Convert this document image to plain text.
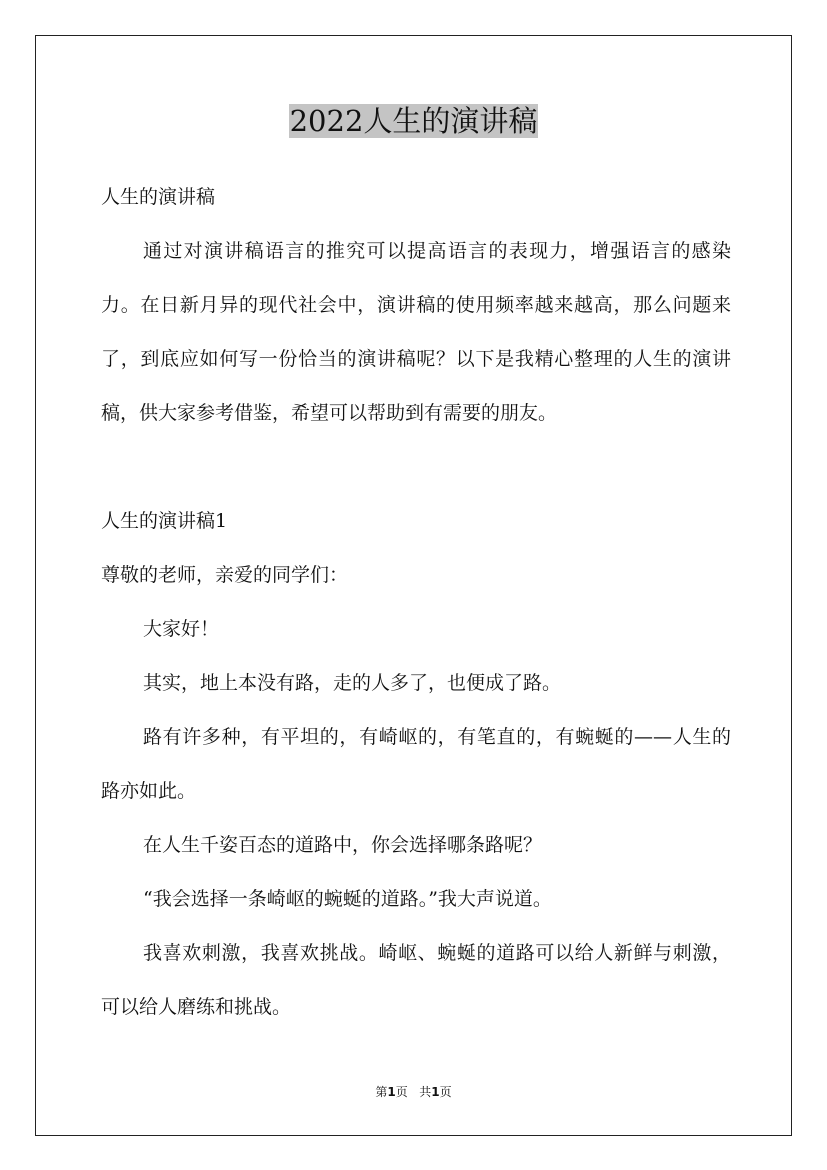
2022人生的演讲稿

人生的演讲稿

通过对演讲稿语言的推究可以提高语言的表现力，增强语言的感染力。在日新月异的现代社会中，演讲稿的使用频率越来越高，那么问题来了，到底应如何写一份恰当的演讲稿呢？以下是我精心整理的人生的演讲稿，供大家参考借鉴，希望可以帮助到有需要的朋友。

人生的演讲稿1

尊敬的老师，亲爱的同学们：

大家好！

其实，地上本没有路，走的人多了，也便成了路。

路有许多种，有平坦的，有崎岖的，有笔直的，有蜿蜒的——人生的路亦如此。

在人生千姿百态的道路中，你会选择哪条路呢？

“我会选择一条崎岖的蜿蜒的道路。”我大声说道。

我喜欢刺激，我喜欢挑战。崎岖、蜿蜒的道路可以给人新鲜与刺激，可以给人磨练和挑战。

第1页 共1页
